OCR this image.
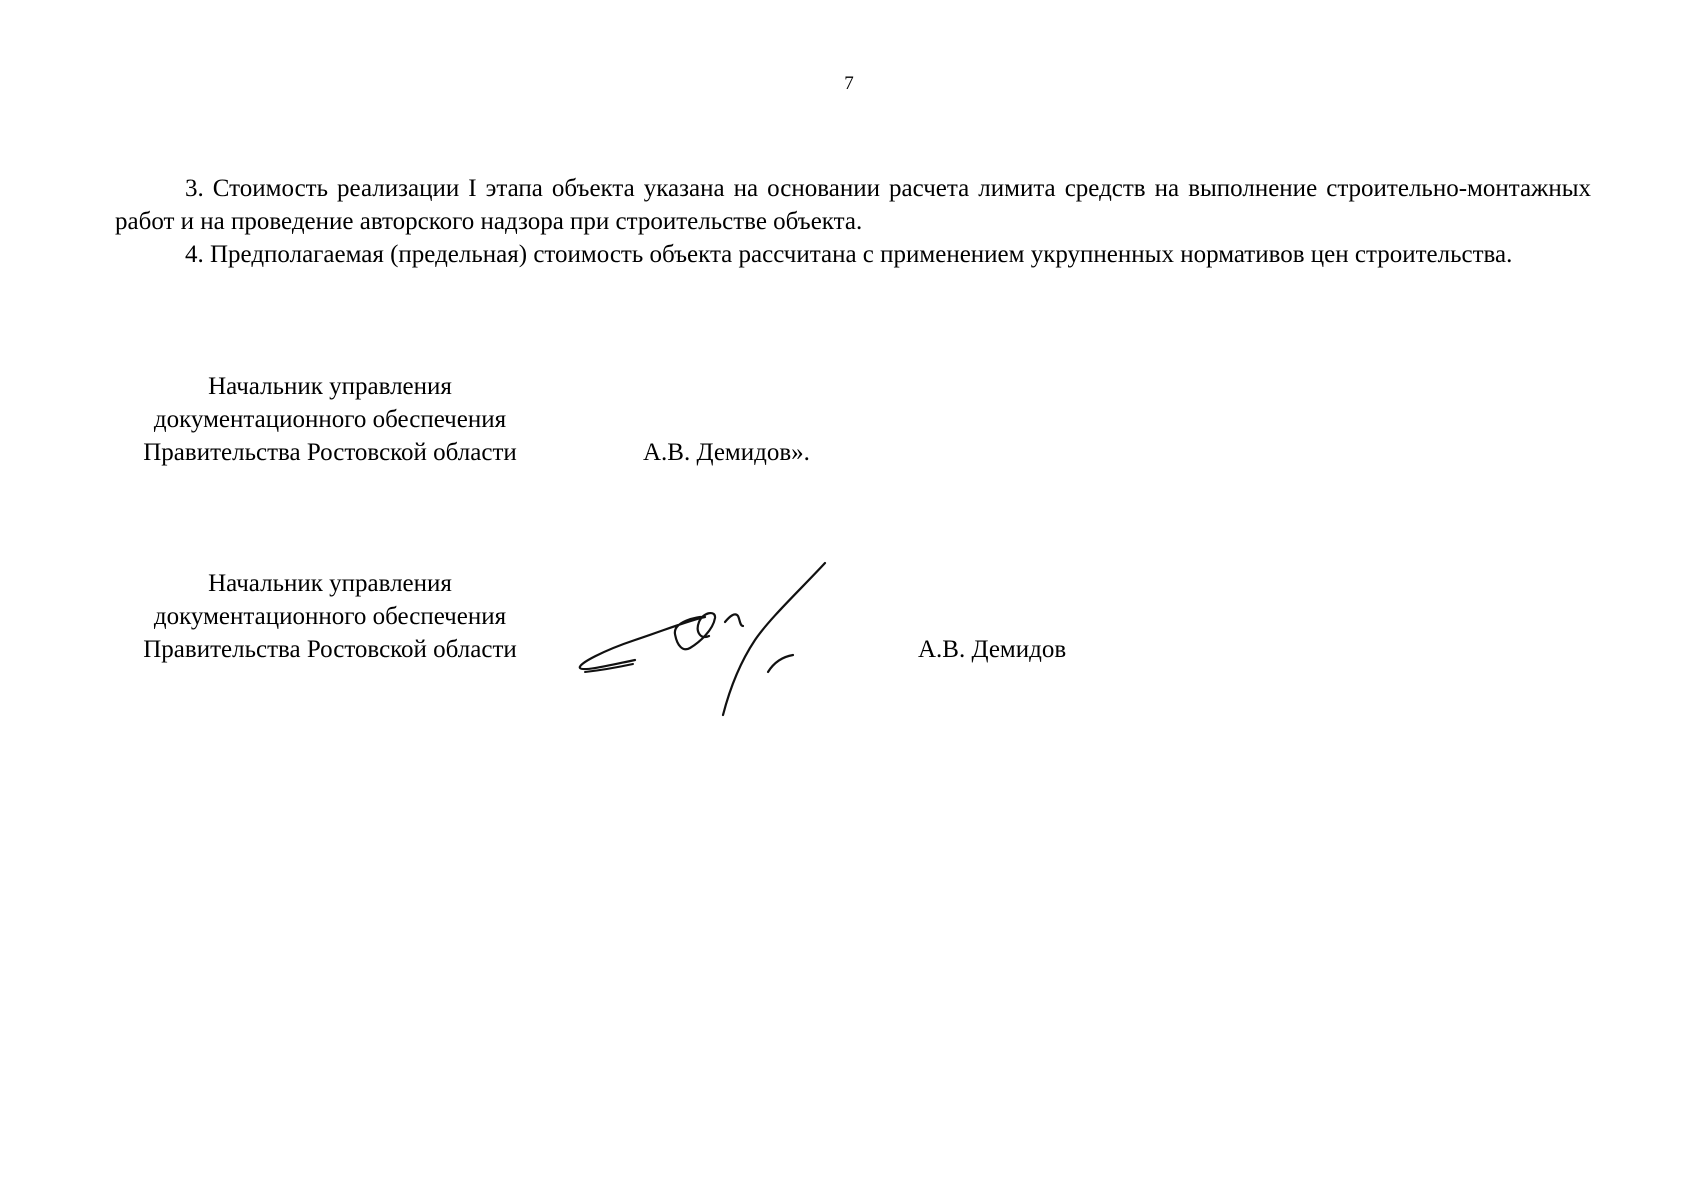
7

3. Стоимость реализации I этапа объекта указана на основании расчета лимита средств на выполнение строительно-монтажных работ и на проведение авторского надзора при строительстве объекта.

4. Предполагаемая (предельная) стоимость объекта рассчитана с применением укрупненных нормативов цен строительства.

Начальник управления
документационного обеспечения
Правительства Ростовской области	А.В. Демидов».
Начальник управления
документационного обеспечения
Правительства Ростовской области	А.В. Демидов
